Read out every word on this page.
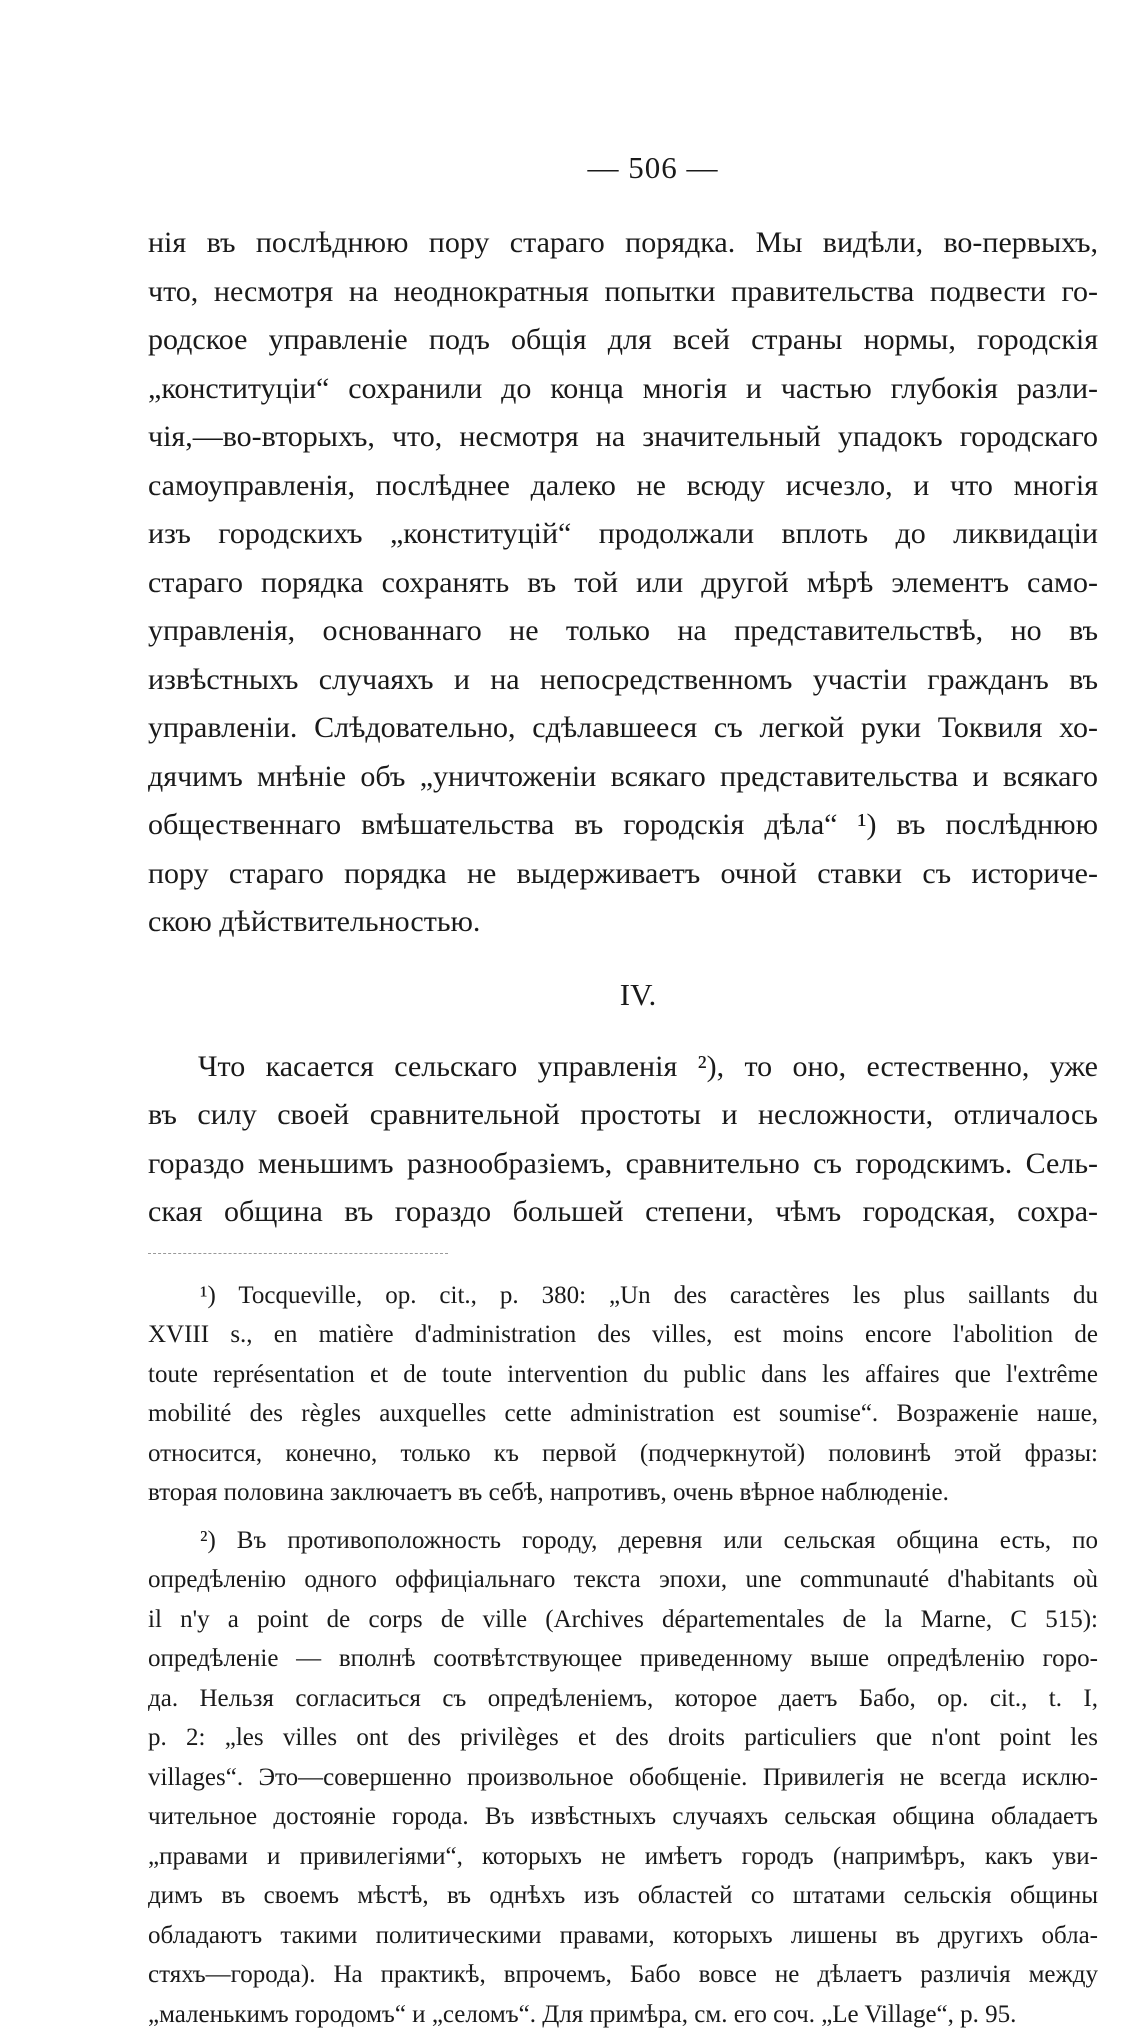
— 506 —
нія въ послѣднюю пору стараго порядка. Мы видѣли, во-первыхъ,
что, несмотря на неоднократныя попытки правительства подвести го-
родское управленіе подъ общія для всей страны нормы, городскія
„конституціи“ сохранили до конца многія и частью глубокія разли-
чія,—во-вторыхъ, что, несмотря на значительный упадокъ городскаго
самоуправленія, послѣднее далеко не всюду исчезло, и что многія
изъ городскихъ „конституцій“ продолжали вплоть до ликвидаціи
стараго порядка сохранять въ той или другой мѣрѣ элементъ само-
управленія, основаннаго не только на представительствѣ, но въ
извѣстныхъ случаяхъ и на непосредственномъ участіи гражданъ въ
управленіи. Слѣдовательно, сдѣлавшееся съ легкой руки Токвиля хо-
дячимъ мнѣніе объ „уничтоженіи всякаго представительства и всякаго
общественнаго вмѣшательства въ городскія дѣла“ ¹) въ послѣднюю
пору стараго порядка не выдерживаетъ очной ставки съ историче-
скою дѣйствительностью.
IV.
Что касается сельскаго управленія ²), то оно, естественно, уже
въ силу своей сравнительной простоты и несложности, отличалось
гораздо меньшимъ разнообразіемъ, сравнительно съ городскимъ. Сель-
ская община въ гораздо большей степени, чѣмъ городская, сохра-
¹) Tocqueville, op. cit., p. 380: „Un des caractères les plus saillants du
XVIII s., en matière d'administration des villes, est moins encore l'abolition de
toute représentation et de toute intervention du public dans les affaires que l'extrême
mobilité des règles auxquelles cette administration est soumise“. Возраженіе наше,
относится, конечно, только къ первой (подчеркнутой) половинѣ этой фразы:
вторая половина заключаетъ въ себѣ, напротивъ, очень вѣрное наблюденіе.
²) Въ противоположность городу, деревня или сельская община есть, по
опредѣленію одного оффиціальнаго текста эпохи, une communauté d'habitants où
il n'y a point de corps de ville (Archives départementales de la Marne, C 515):
опредѣленіе — вполнѣ соотвѣтствующее приведенному выше опредѣленію горо-
да. Нельзя согласиться съ опредѣленіемъ, которое даетъ Бабо, op. cit., t. I,
p. 2: „les villes ont des privilèges et des droits particuliers que n'ont point les
villages“. Это—совершенно произвольное обобщеніе. Привилегія не всегда исклю-
чительное достояніе города. Въ извѣстныхъ случаяхъ сельская община обладаетъ
„правами и привилегіями“, которыхъ не имѣетъ городъ (напримѣръ, какъ уви-
димъ въ своемъ мѣстѣ, въ однѣхъ изъ областей со штатами сельскія общины
обладаютъ такими политическими правами, которыхъ лишены въ другихъ обла-
стяхъ—города). На практикѣ, впрочемъ, Бабо вовсе не дѣлаетъ различія между
„маленькимъ городомъ“ и „селомъ“. Для примѣра, см. его соч. „Le Village“, p. 95.
